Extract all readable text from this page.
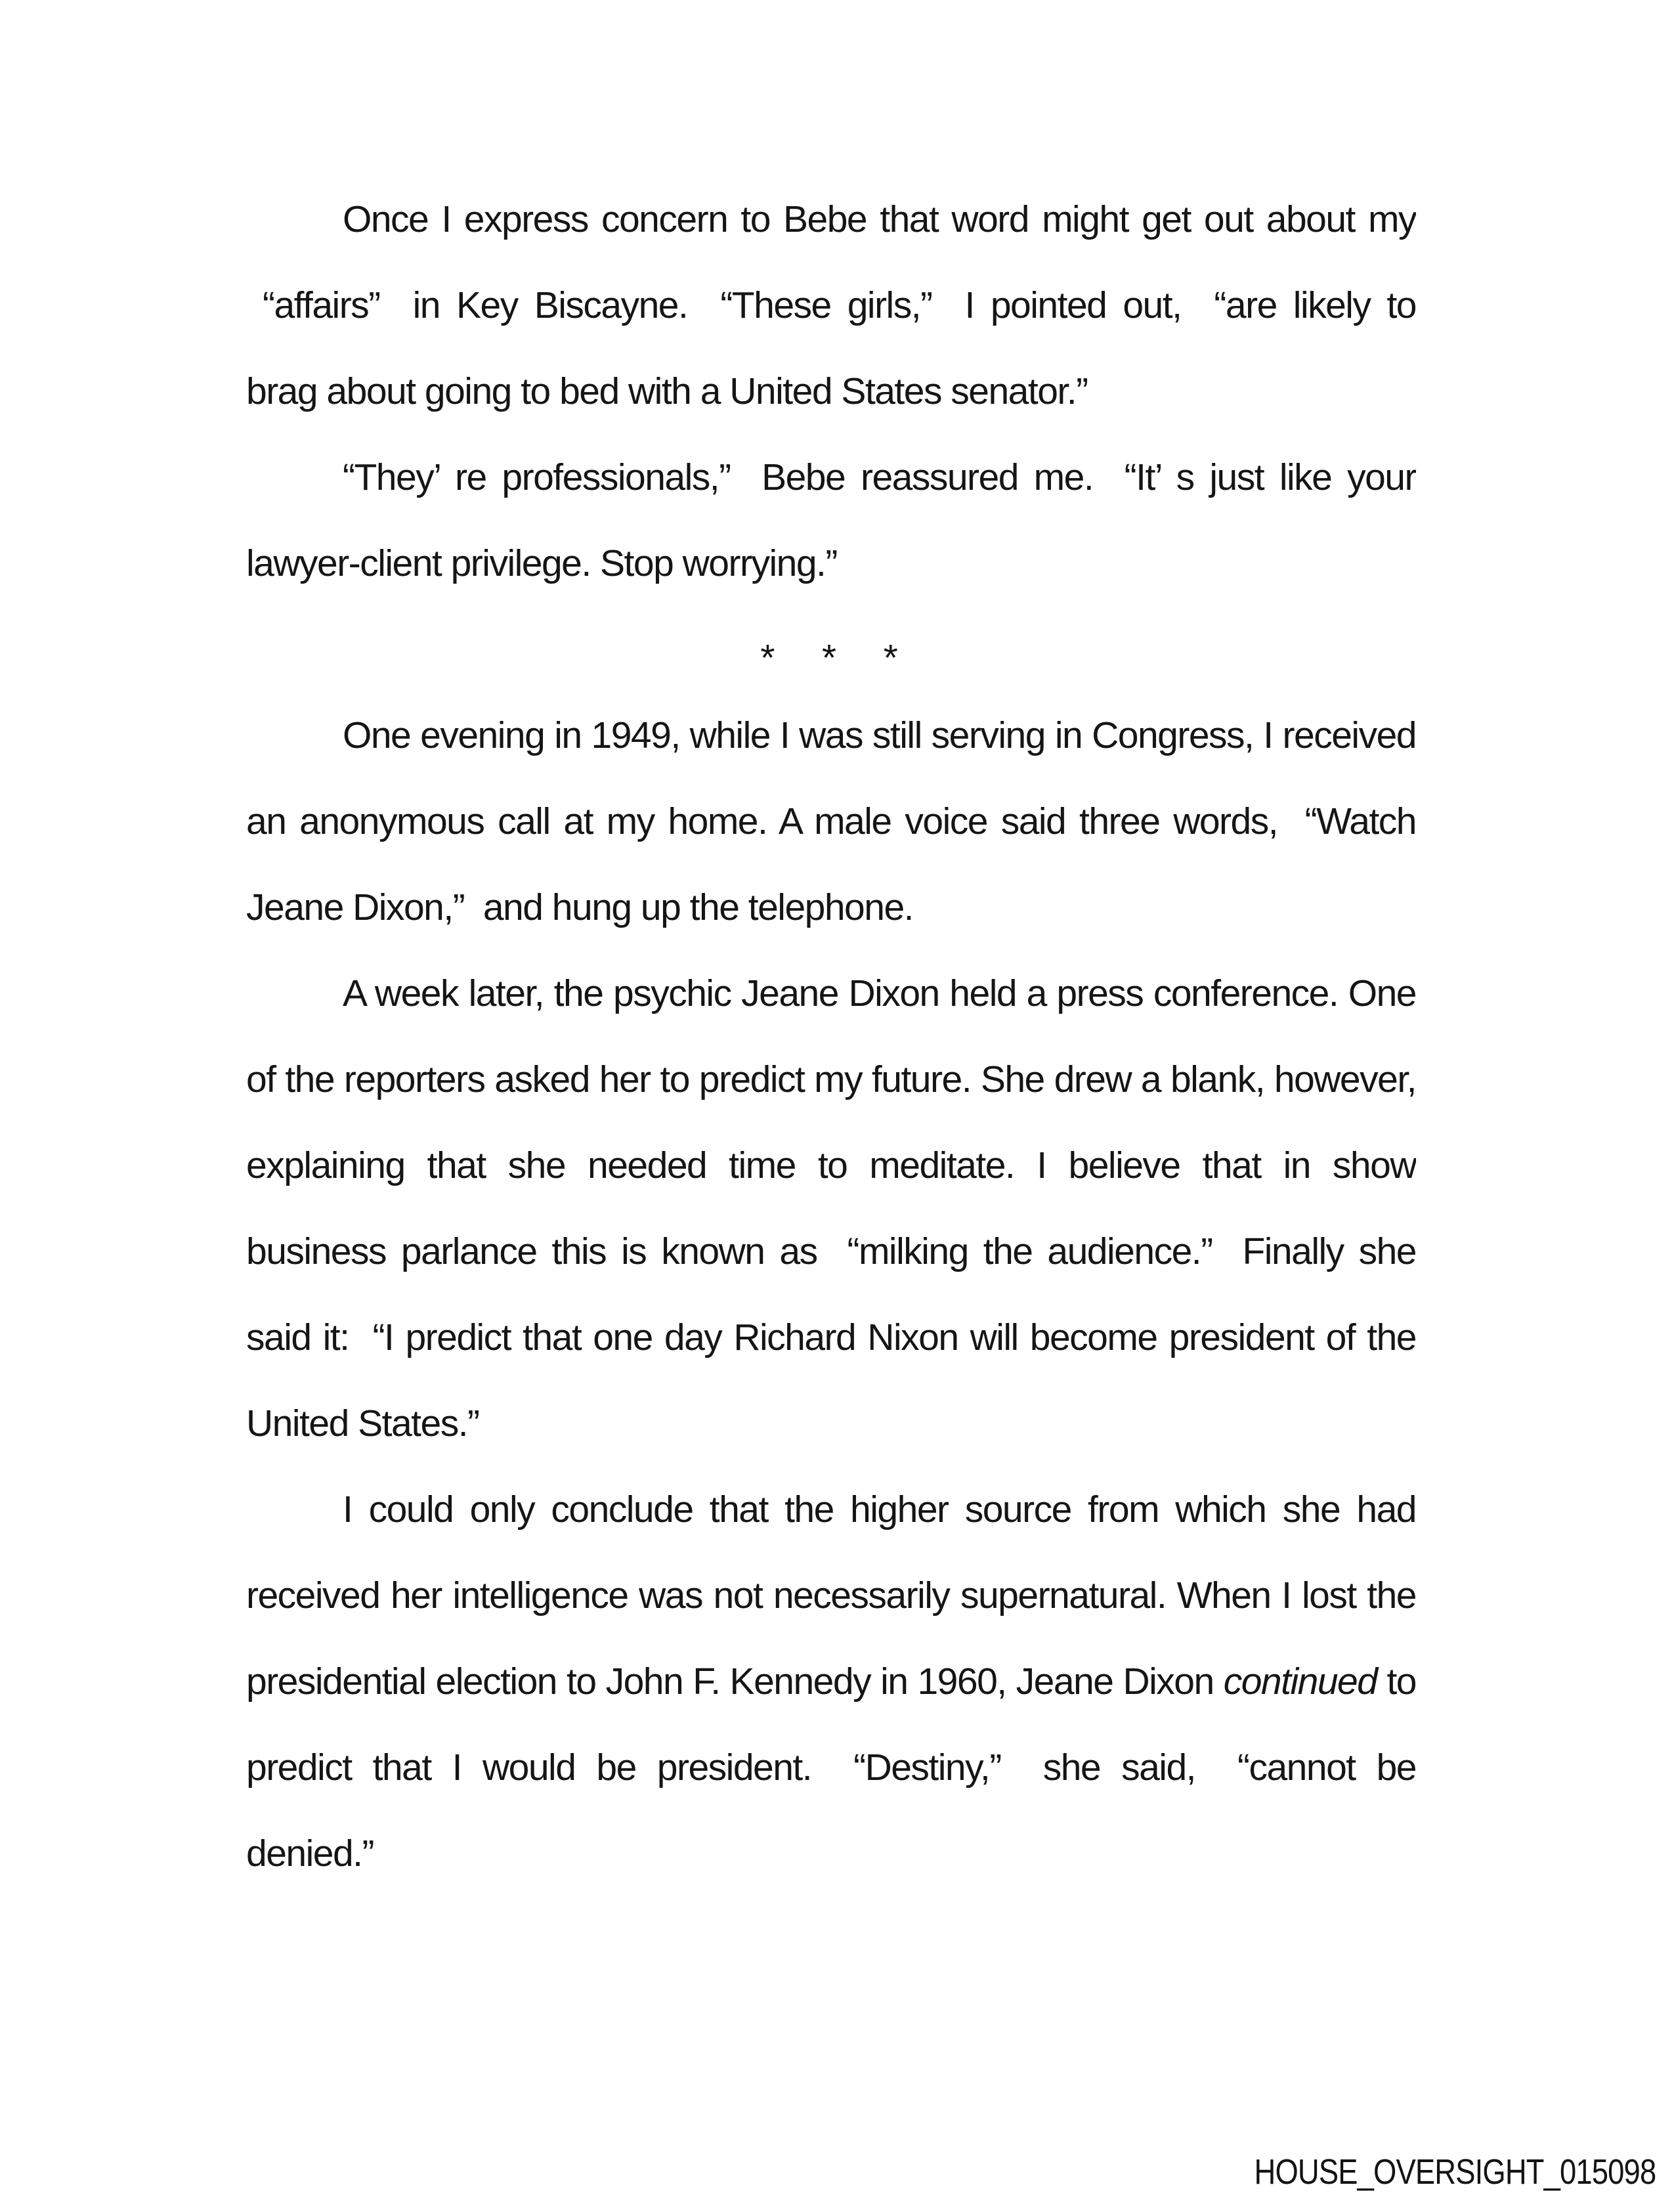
Once I express concern to Bebe that word might get out about my
“affairs”  in Key Biscayne.  “These girls,”  I pointed out,  “are likely to
brag about going to bed with a United States senator.”
“They’ re professionals,”  Bebe reassured me.  “It’ s just like your
lawyer-client privilege. Stop worrying.”
*   *   *
One evening in 1949, while I was still serving in Congress, I received
an anonymous call at my home. A male voice said three words,  “Watch
Jeane Dixon,”  and hung up the telephone.
A week later, the psychic Jeane Dixon held a press conference. One
of the reporters asked her to predict my future. She drew a blank, however,
explaining that she needed time to meditate. I believe that in show
business parlance this is known as  “milking the audience.”  Finally she
said it:  “I predict that one day Richard Nixon will become president of the
United States.”
I could only conclude that the higher source from which she had
received her intelligence was not necessarily supernatural. When I lost the
presidential election to John F. Kennedy in 1960, Jeane Dixon continued to
predict that I would be president.  “Destiny,”  she said,  “cannot be
denied.”
HOUSE_OVERSIGHT_015098
